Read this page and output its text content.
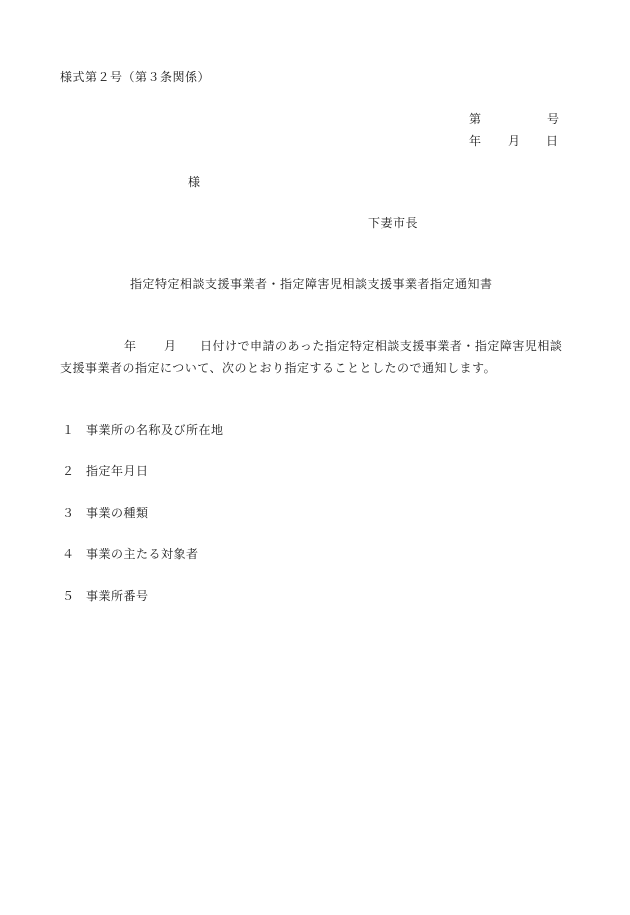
様式第２号（第３条関係）
第	号
年 月 日
様
下妻市長
指定特定相談支援事業者・指定障害児相談支援事業者指定通知書
年 月 日付けで申請のあった指定特定相談支援事業者・指定障害児相談
支援事業者の指定について、次のとおり指定することとしたので通知します。
１ 事業所の名称及び所在地
２ 指定年月日
３ 事業の種類
４ 事業の主たる対象者
５ 事業所番号
